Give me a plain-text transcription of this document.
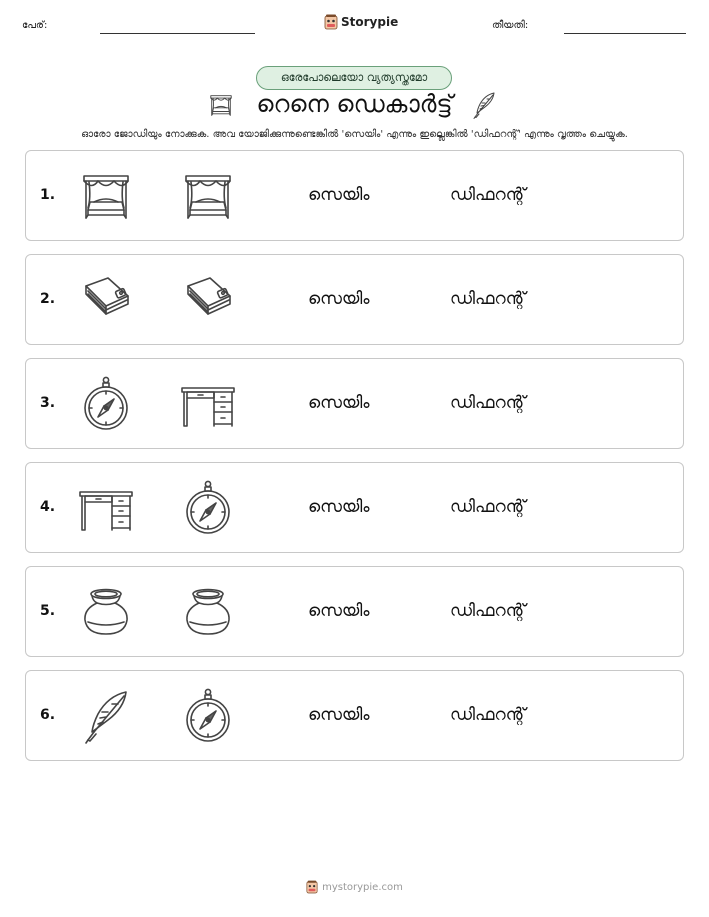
പേര്:	Storypie	തീയതി:
ഒരേപോലെയോ വ്യത്യസ്തമോ
റെനെ ഡെകാർട്ട്
ഓരോ ജോഡിയും നോക്കുക. അവ യോജിക്കുന്നുണ്ടെങ്കിൽ 'സെയിം' എന്നും ഇല്ലെങ്കിൽ 'ഡിഫറന്റ്' എന്നും വൃത്തം ചെയ്യുക.
1.	സെയിം	ഡിഫറന്റ്
2.	സെയിം	ഡിഫറന്റ്
3.	സെയിം	ഡിഫറന്റ്
4.	സെയിം	ഡിഫറന്റ്
5.	സെയിം	ഡിഫറന്റ്
6.	സെയിം	ഡിഫറന്റ്
mystorypie.com
